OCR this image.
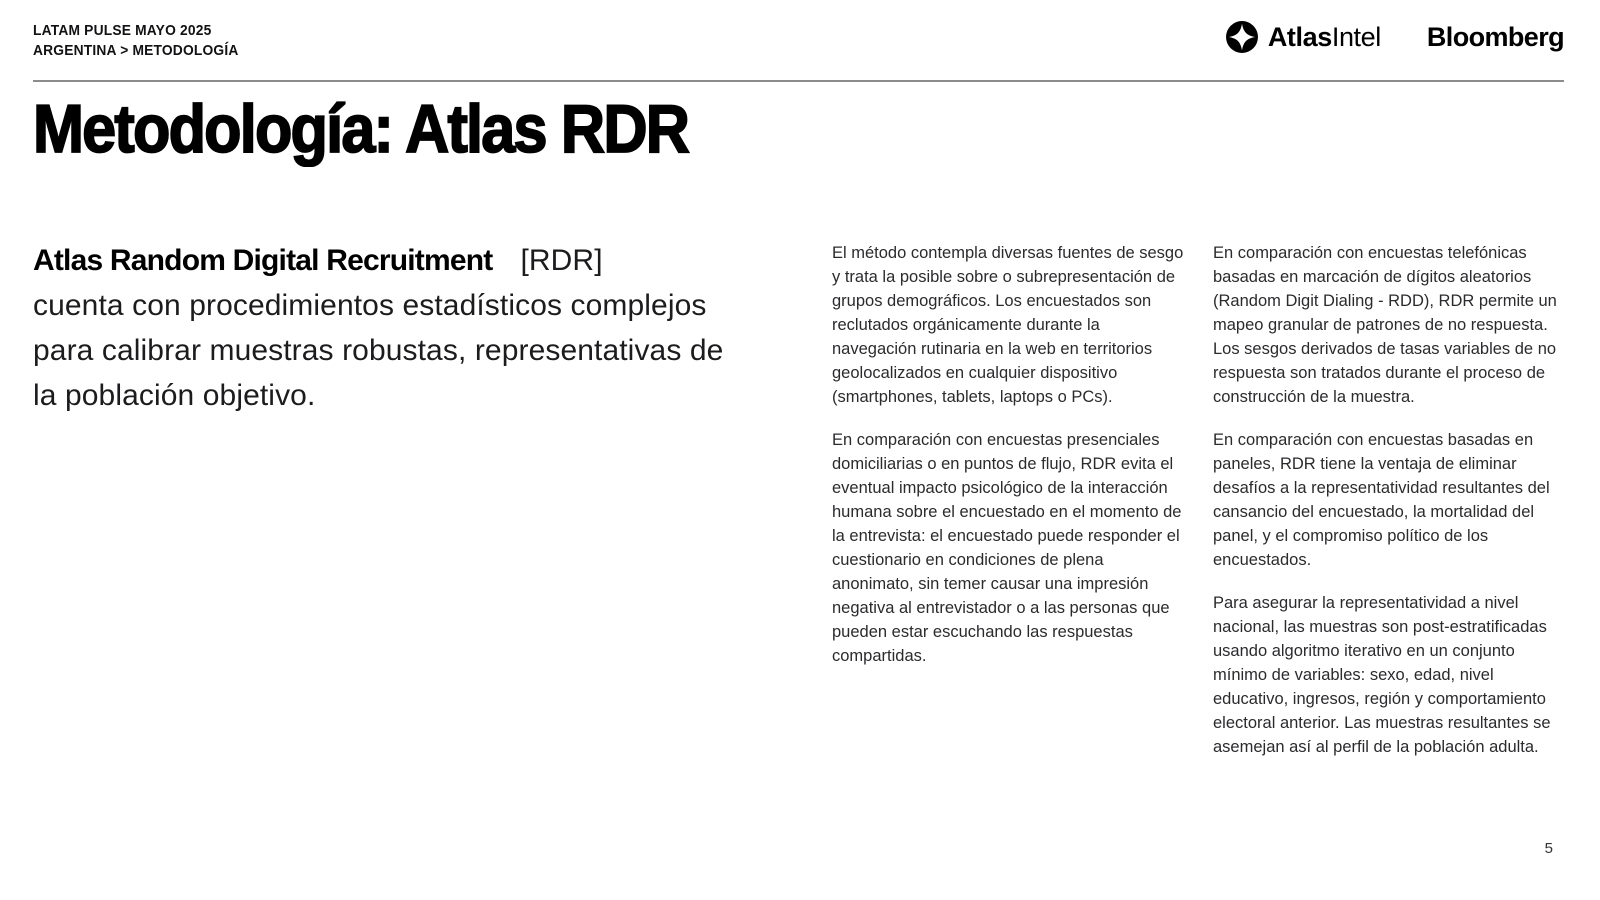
LATAM PULSE MAYO 2025
ARGENTINA > METODOLOGÍA	AtlasIntel Bloomberg
Metodología: Atlas RDR
Atlas Random Digital Recruitment [RDR]
cuenta con procedimientos estadísticos complejos para calibrar muestras robustas, representativas de la población objetivo.

El método contempla diversas fuentes de sesgo y trata la posible sobre o subrepresentación de grupos demográficos. Los encuestados son reclutados orgánicamente durante la navegación rutinaria en la web en territorios geolocalizados en cualquier dispositivo (smartphones, tablets, laptops o PCs).

En comparación con encuestas presenciales domiciliarias o en puntos de flujo, RDR evita el eventual impacto psicológico de la interacción humana sobre el encuestado en el momento de la entrevista: el encuestado puede responder el cuestionario en condiciones de plena anonimato, sin temer causar una impresión negativa al entrevistador o a las personas que pueden estar escuchando las respuestas compartidas.

En comparación con encuestas telefónicas basadas en marcación de dígitos aleatorios (Random Digit Dialing - RDD), RDR permite un mapeo granular de patrones de no respuesta. Los sesgos derivados de tasas variables de no respuesta son tratados durante el proceso de construcción de la muestra.

En comparación con encuestas basadas en paneles, RDR tiene la ventaja de eliminar desafíos a la representatividad resultantes del cansancio del encuestado, la mortalidad del panel, y el compromiso político de los encuestados.

Para asegurar la representatividad a nivel nacional, las muestras son post-estratificadas usando algoritmo iterativo en un conjunto mínimo de variables: sexo, edad, nivel educativo, ingresos, región y comportamiento electoral anterior. Las muestras resultantes se asemejan así al perfil de la población adulta.

5
